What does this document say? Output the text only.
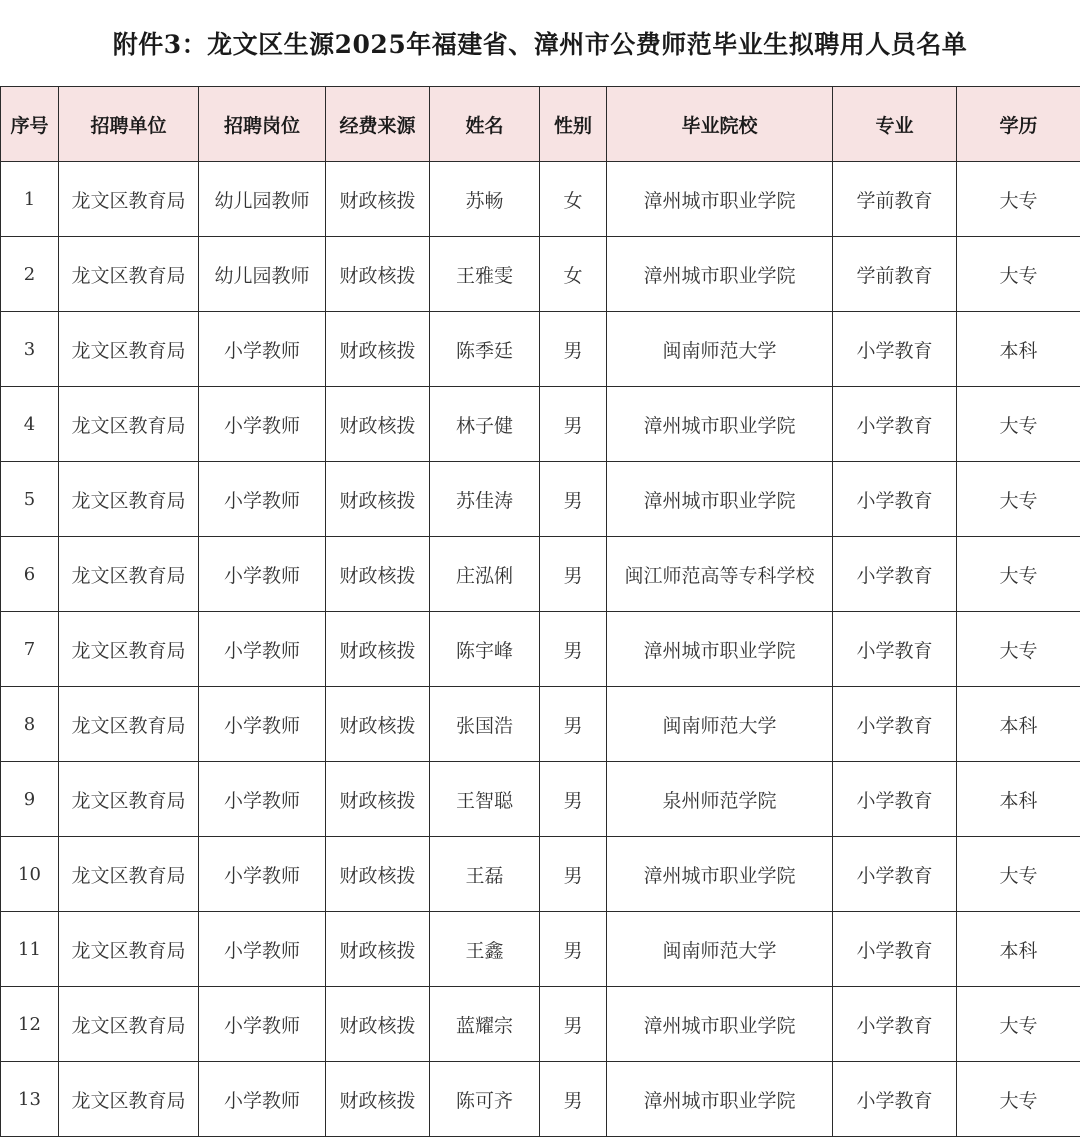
附件3：龙文区生源2025年福建省、漳州市公费师范毕业生拟聘用人员名单
序号	招聘单位	招聘岗位	经费来源	姓名	性别	毕业院校	专业	学历
1	龙文区教育局	幼儿园教师	财政核拨	苏畅	女	漳州城市职业学院	学前教育	大专
2	龙文区教育局	幼儿园教师	财政核拨	王雅雯	女	漳州城市职业学院	学前教育	大专
3	龙文区教育局	小学教师	财政核拨	陈季廷	男	闽南师范大学	小学教育	本科
4	龙文区教育局	小学教师	财政核拨	林子健	男	漳州城市职业学院	小学教育	大专
5	龙文区教育局	小学教师	财政核拨	苏佳涛	男	漳州城市职业学院	小学教育	大专
6	龙文区教育局	小学教师	财政核拨	庄泓俐	男	闽江师范高等专科学校	小学教育	大专
7	龙文区教育局	小学教师	财政核拨	陈宇峰	男	漳州城市职业学院	小学教育	大专
8	龙文区教育局	小学教师	财政核拨	张国浩	男	闽南师范大学	小学教育	本科
9	龙文区教育局	小学教师	财政核拨	王智聪	男	泉州师范学院	小学教育	本科
10	龙文区教育局	小学教师	财政核拨	王磊	男	漳州城市职业学院	小学教育	大专
11	龙文区教育局	小学教师	财政核拨	王鑫	男	闽南师范大学	小学教育	本科
12	龙文区教育局	小学教师	财政核拨	蓝耀宗	男	漳州城市职业学院	小学教育	大专
13	龙文区教育局	小学教师	财政核拨	陈可齐	男	漳州城市职业学院	小学教育	大专
